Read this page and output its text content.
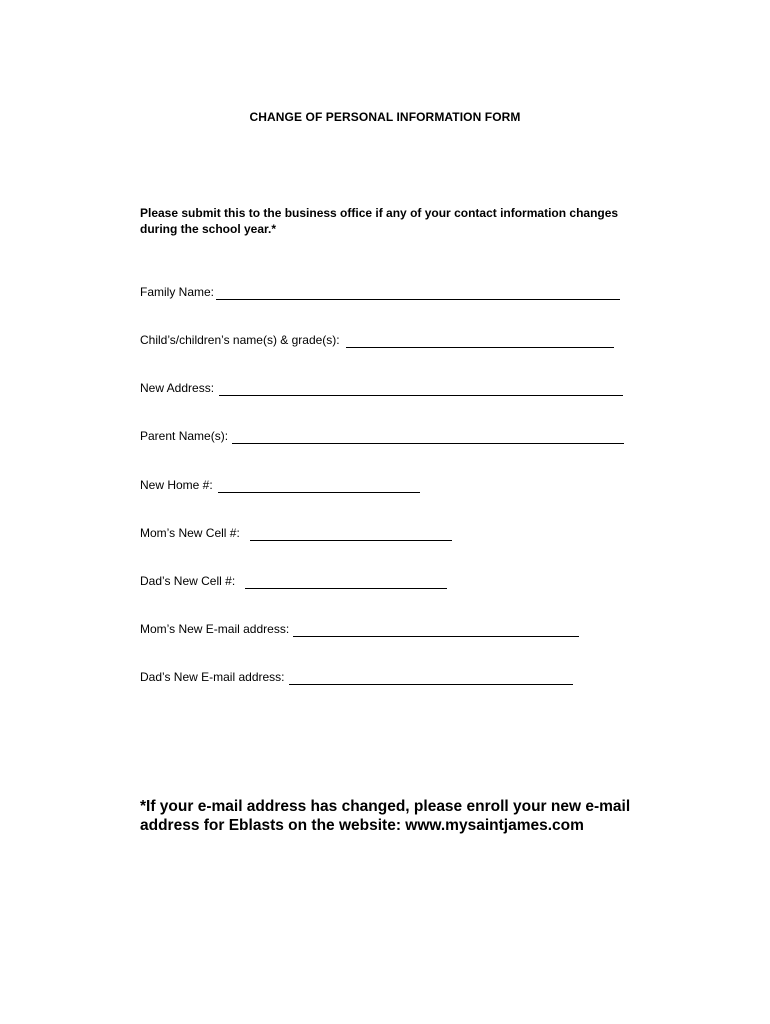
CHANGE OF PERSONAL INFORMATION FORM
Please submit this to the business office if any of your contact information changes during the school year.*
Family Name:
Child’s/children’s name(s) & grade(s):
New Address:
Parent Name(s):
New Home #:
Mom’s New Cell #:
Dad’s New Cell #:
Mom’s New E-mail address:
Dad’s New E-mail address:
*If your e-mail address has changed, please enroll your new e-mail address for Eblasts on the website: www.mysaintjames.com
